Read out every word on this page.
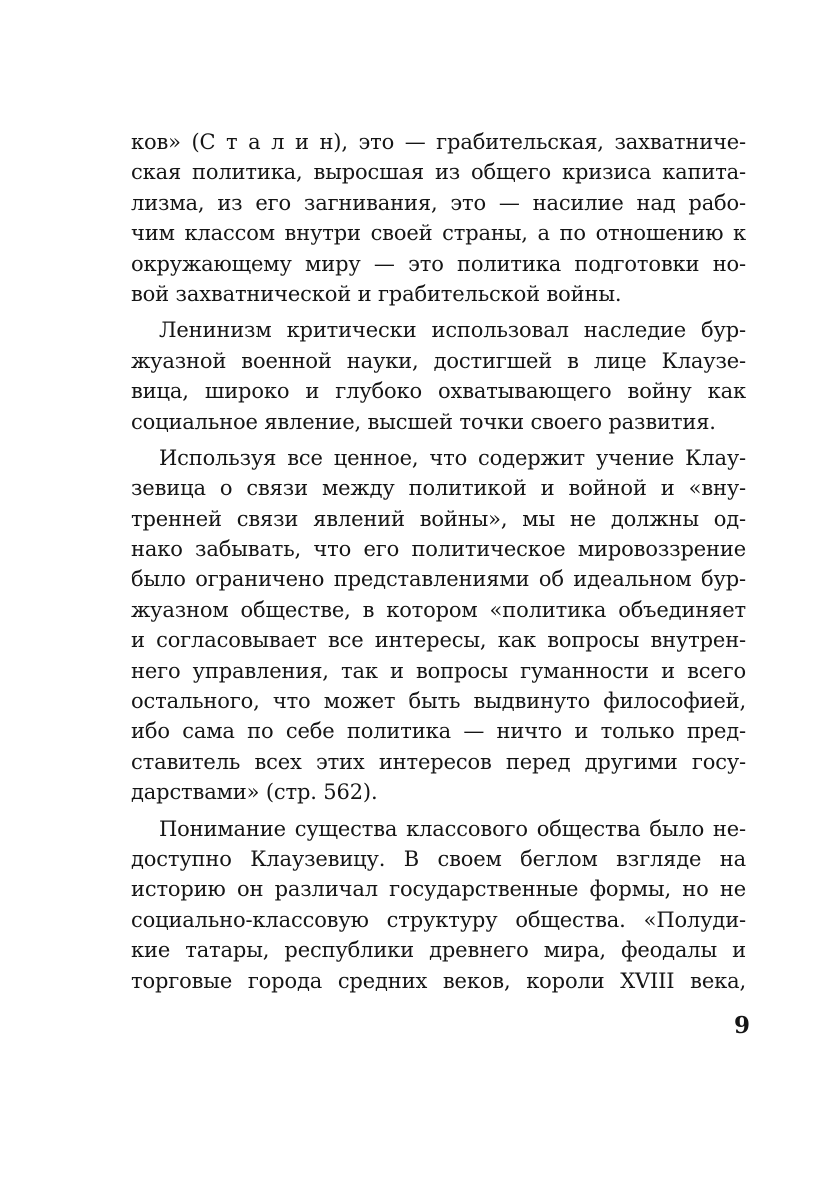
ков» (С т а л и н), это — грабительская, захватниче-
ская политика, выросшая из общего кризиса капита-
лизма, из его загнивания, это — насилие над рабо-
чим классом внутри своей страны, а по отношению к
окружающему миру — это политика подготовки но-
вой захватнической и грабительской войны.
Ленинизм критически использовал наследие бур-
жуазной военной науки, достигшей в лице Клаузе-
вица, широко и глубоко охватывающего войну как
социальное явление, высшей точки своего развития.
Используя все ценное, что содержит учение Клау-
зевица о связи между политикой и войной и «вну-
тренней связи явлений войны», мы не должны од-
нако забывать, что его политическое мировоззрение
было ограничено представлениями об идеальном бур-
жуазном обществе, в котором «политика объединяет
и согласовывает все интересы, как вопросы внутрен-
него управления, так и вопросы гуманности и всего
остального, что может быть выдвинуто философией,
ибо сама по себе политика — ничто и только пред-
ставитель всех этих интересов перед другими госу-
дарствами» (стр. 562).
Понимание существа классового общества было не-
доступно Клаузевицу. В своем беглом взгляде на
историю он различал государственные формы, но не
социально-классовую структуру общества. «Полуди-
кие татары, республики древнего мира, феодалы и
торговые города средних веков, короли XVIII века,
9
